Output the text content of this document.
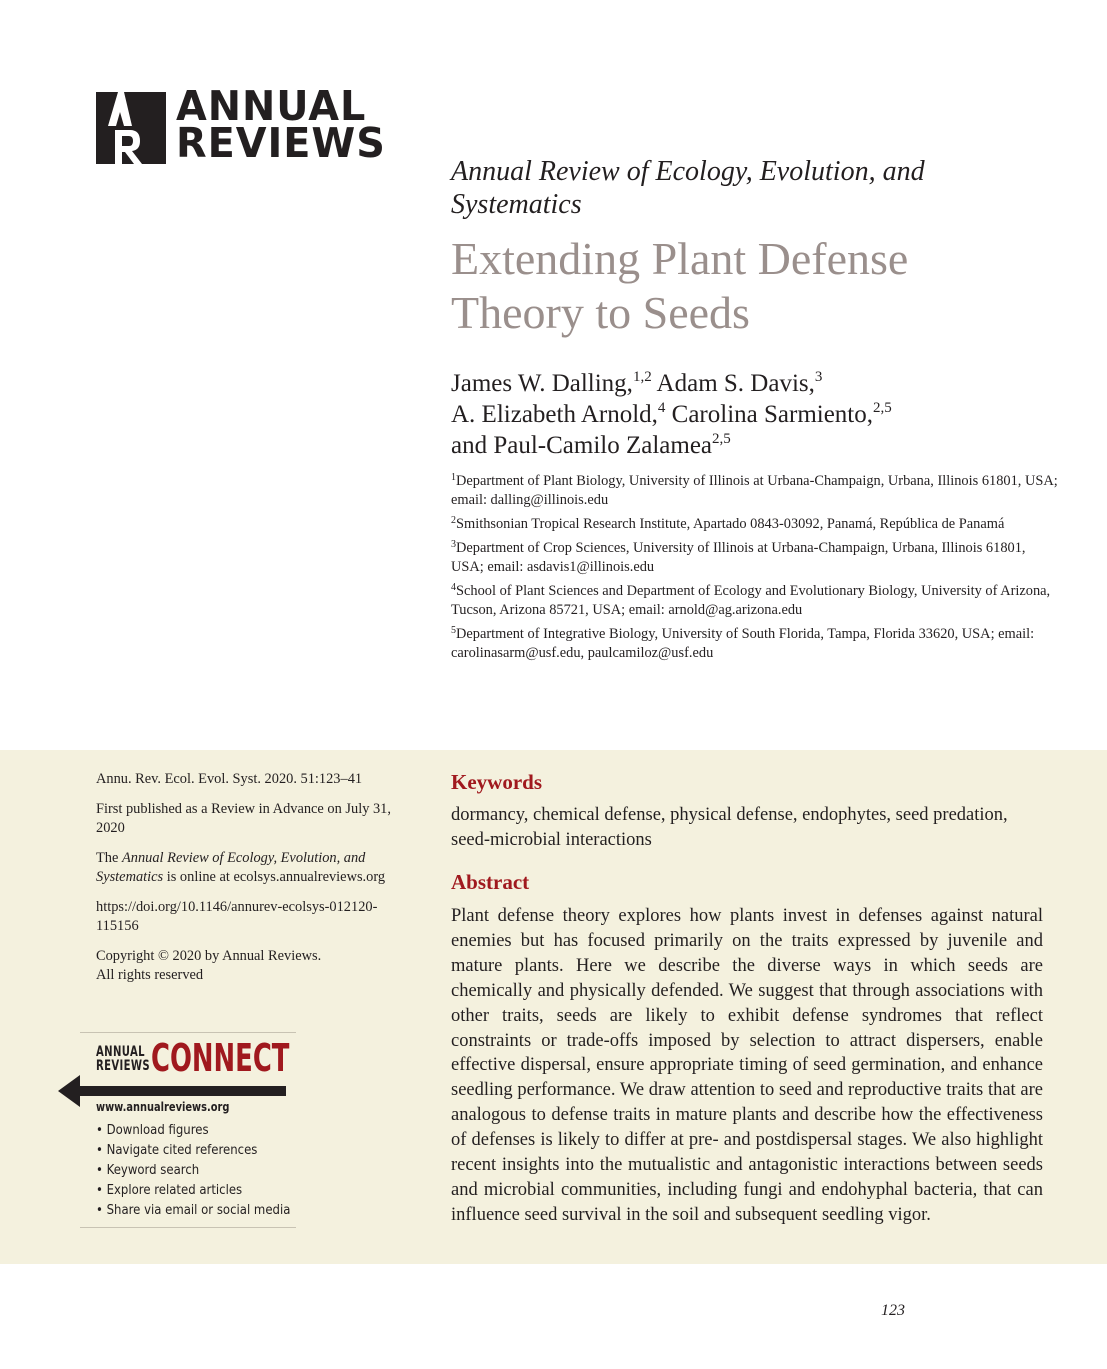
ANNUAL
REVIEWS
Annual Review of Ecology, Evolution, and Systematics
Extending Plant Defense Theory to Seeds
James W. Dalling,$^{1,2}$ Adam S. Davis,$^3$
A. Elizabeth Arnold,$^4$ Carolina Sarmiento,$^{2,5}$
and Paul-Camilo Zalamea$^{2,5}$
$^1$Department of Plant Biology, University of Illinois at Urbana-Champaign, Urbana, Illinois 61801, USA; email: dalling@illinois.edu
$^2$Smithsonian Tropical Research Institute, Apartado 0843-03092, Panamá, República de Panamá
$^3$Department of Crop Sciences, University of Illinois at Urbana-Champaign, Urbana, Illinois 61801, USA; email: asdavis1@illinois.edu
$^4$School of Plant Sciences and Department of Ecology and Evolutionary Biology, University of Arizona, Tucson, Arizona 85721, USA; email: arnold@ag.arizona.edu
$^5$Department of Integrative Biology, University of South Florida, Tampa, Florida 33620, USA; email: carolinasarm@usf.edu, paulcamiloz@usf.edu

Annu. Rev. Ecol. Evol. Syst. 2020. 51:123–41

First published as a Review in Advance on July 31, 2020

The Annual Review of Ecology, Evolution, and Systematics is online at ecolsys.annualreviews.org

https://doi.org/10.1146/annurev-ecolsys-012120-115156

Copyright © 2020 by Annual Reviews.
All rights reserved

ANNUAL
REVIEWS CONNECT
www.annualreviews.org
• Download figures
• Navigate cited references
• Keyword search
• Explore related articles
• Share via email or social media
Keywords
dormancy, chemical defense, physical defense, endophytes, seed predation, seed-microbial interactions
Abstract
Plant defense theory explores how plants invest in defenses against natural enemies but has focused primarily on the traits expressed by juvenile and mature plants. Here we describe the diverse ways in which seeds are chemically and physically defended. We suggest that through associations with other traits, seeds are likely to exhibit defense syndromes that reflect constraints or trade-offs imposed by selection to attract dispersers, enable effective dispersal, ensure appropriate timing of seed germination, and enhance seedling performance. We draw attention to seed and reproductive traits that are analogous to defense traits in mature plants and describe how the effectiveness of defenses is likely to differ at pre- and postdispersal stages. We also highlight recent insights into the mutualistic and antagonistic interactions between seeds and microbial communities, including fungi and endohyphal bacteria, that can influence seed survival in the soil and subsequent seedling vigor.
123
